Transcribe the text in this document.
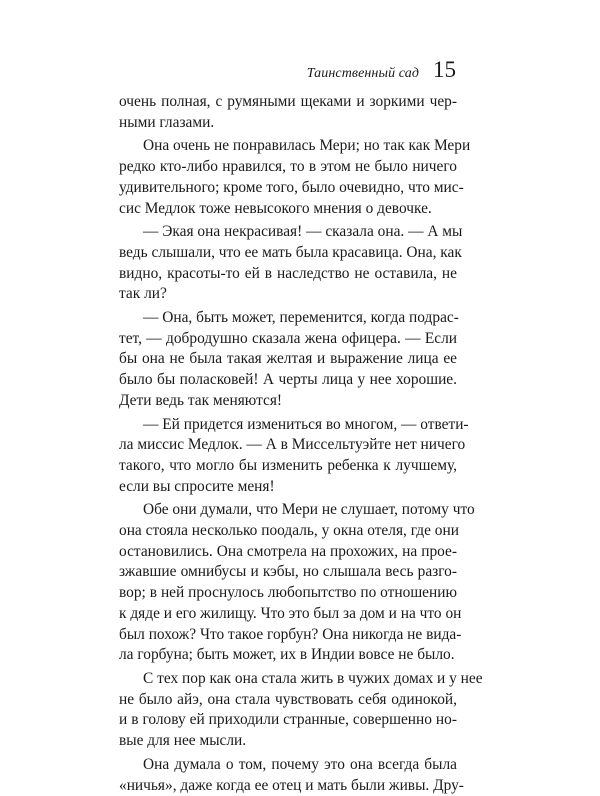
Таинственный сад 15
очень полная, с румяными щеками и зоркими чер-
ными глазами.
Она очень не понравилась Мери; но так как Мери
редко кто-либо нравился, то в этом не было ничего
удивительного; кроме того, было очевидно, что мис-
сис Медлок тоже невысокого мнения о девочке.
— Экая она некрасивая! — сказала она. — А мы
ведь слышали, что ее мать была красавица. Она, как
видно, красоты-то ей в наследство не оставила, не
так ли?
— Она, быть может, переменится, когда подрас-
тет, — добродушно сказала жена офицера. — Если
бы она не была такая желтая и выражение лица ее
было бы поласковей! А черты лица у нее хорошие.
Дети ведь так меняются!
— Ей придется измениться во многом, — ответи-
ла миссис Медлок. — А в Миссельтуэйте нет ничего
такого, что могло бы изменить ребенка к лучшему,
если вы спросите меня!
Обе они думали, что Мери не слушает, потому что
она стояла несколько поодаль, у окна отеля, где они
остановились. Она смотрела на прохожих, на прое-
зжавшие омнибусы и кэбы, но слышала весь разго-
вор; в ней проснулось любопытство по отношению
к дяде и его жилищу. Что это был за дом и на что он
был похож? Что такое горбун? Она никогда не вида-
ла горбуна; быть может, их в Индии вовсе не было.
С тех пор как она стала жить в чужих домах и у нее
не было айэ, она стала чувствовать себя одинокой,
и в голову ей приходили странные, совершенно но-
вые для нее мысли.
Она думала о том, почему это она всегда была
«ничья», даже когда ее отец и мать были живы. Дру-
